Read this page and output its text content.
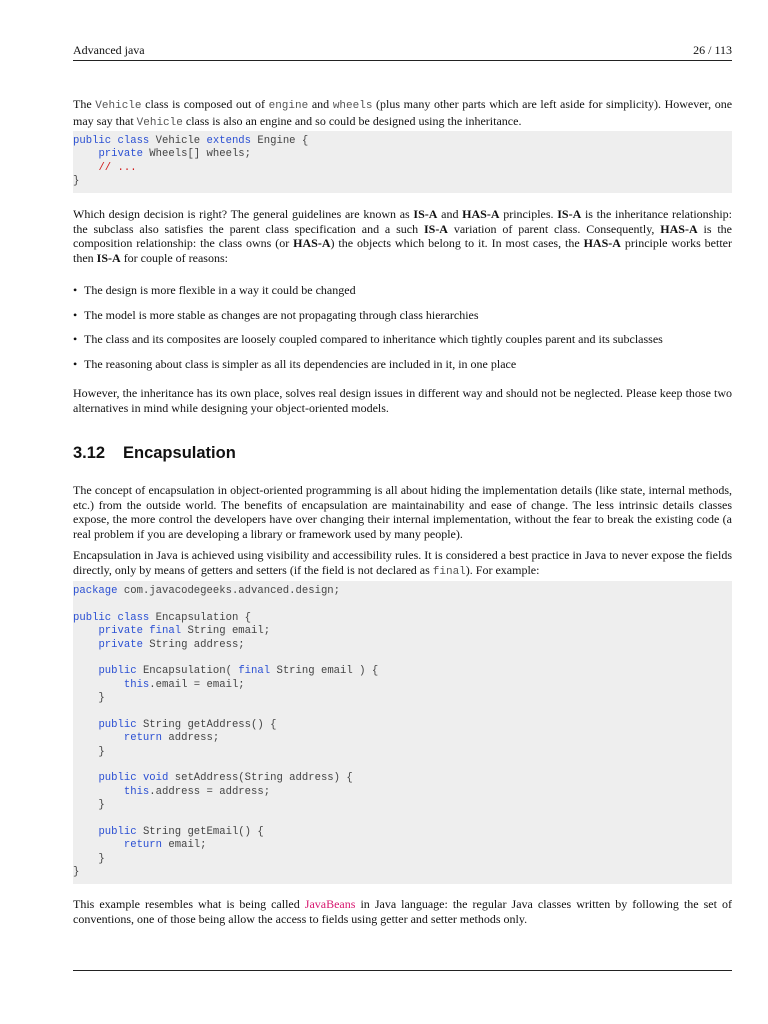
Advanced java	26 / 113

The Vehicle class is composed out of engine and wheels (plus many other parts which are left aside for simplicity). However, one may say that Vehicle class is also an engine and so could be designed using the inheritance.

public class Vehicle extends Engine {
private Wheels[] wheels;
// ...
}

Which design decision is right? The general guidelines are known as IS-A and HAS-A principles. IS-A is the inheritance relationship: the subclass also satisfies the parent class specification and a such IS-A variation of parent class. Consequently, HAS-A is the composition relationship: the class owns (or HAS-A) the objects which belong to it. In most cases, the HAS-A principle works better then IS-A for couple of reasons:

• The design is more flexible in a way it could be changed
• The model is more stable as changes are not propagating through class hierarchies
• The class and its composites are loosely coupled compared to inheritance which tightly couples parent and its subclasses
• The reasoning about class is simpler as all its dependencies are included in it, in one place

However, the inheritance has its own place, solves real design issues in different way and should not be neglected. Please keep those two alternatives in mind while designing your object-oriented models.

3.12 Encapsulation

The concept of encapsulation in object-oriented programming is all about hiding the implementation details (like state, internal methods, etc.) from the outside world. The benefits of encapsulation are maintainability and ease of change. The less intrinsic details classes expose, the more control the developers have over changing their internal implementation, without the fear to break the existing code (a real problem if you are developing a library or framework used by many people).

Encapsulation in Java is achieved using visibility and accessibility rules. It is considered a best practice in Java to never expose the fields directly, only by means of getters and setters (if the field is not declared as final). For example:

package com.javacodegeeks.advanced.design;
public class Encapsulation {
private final String email;
private String address;
public Encapsulation( final String email ) {
this.email = email;
}
public String getAddress() {
return address;
}
public void setAddress(String address) {
this.address = address;
}
public String getEmail() {
return email;
}
}

This example resembles what is being called JavaBeans in Java language: the regular Java classes written by following the set of conventions, one of those being allow the access to fields using getter and setter methods only.
